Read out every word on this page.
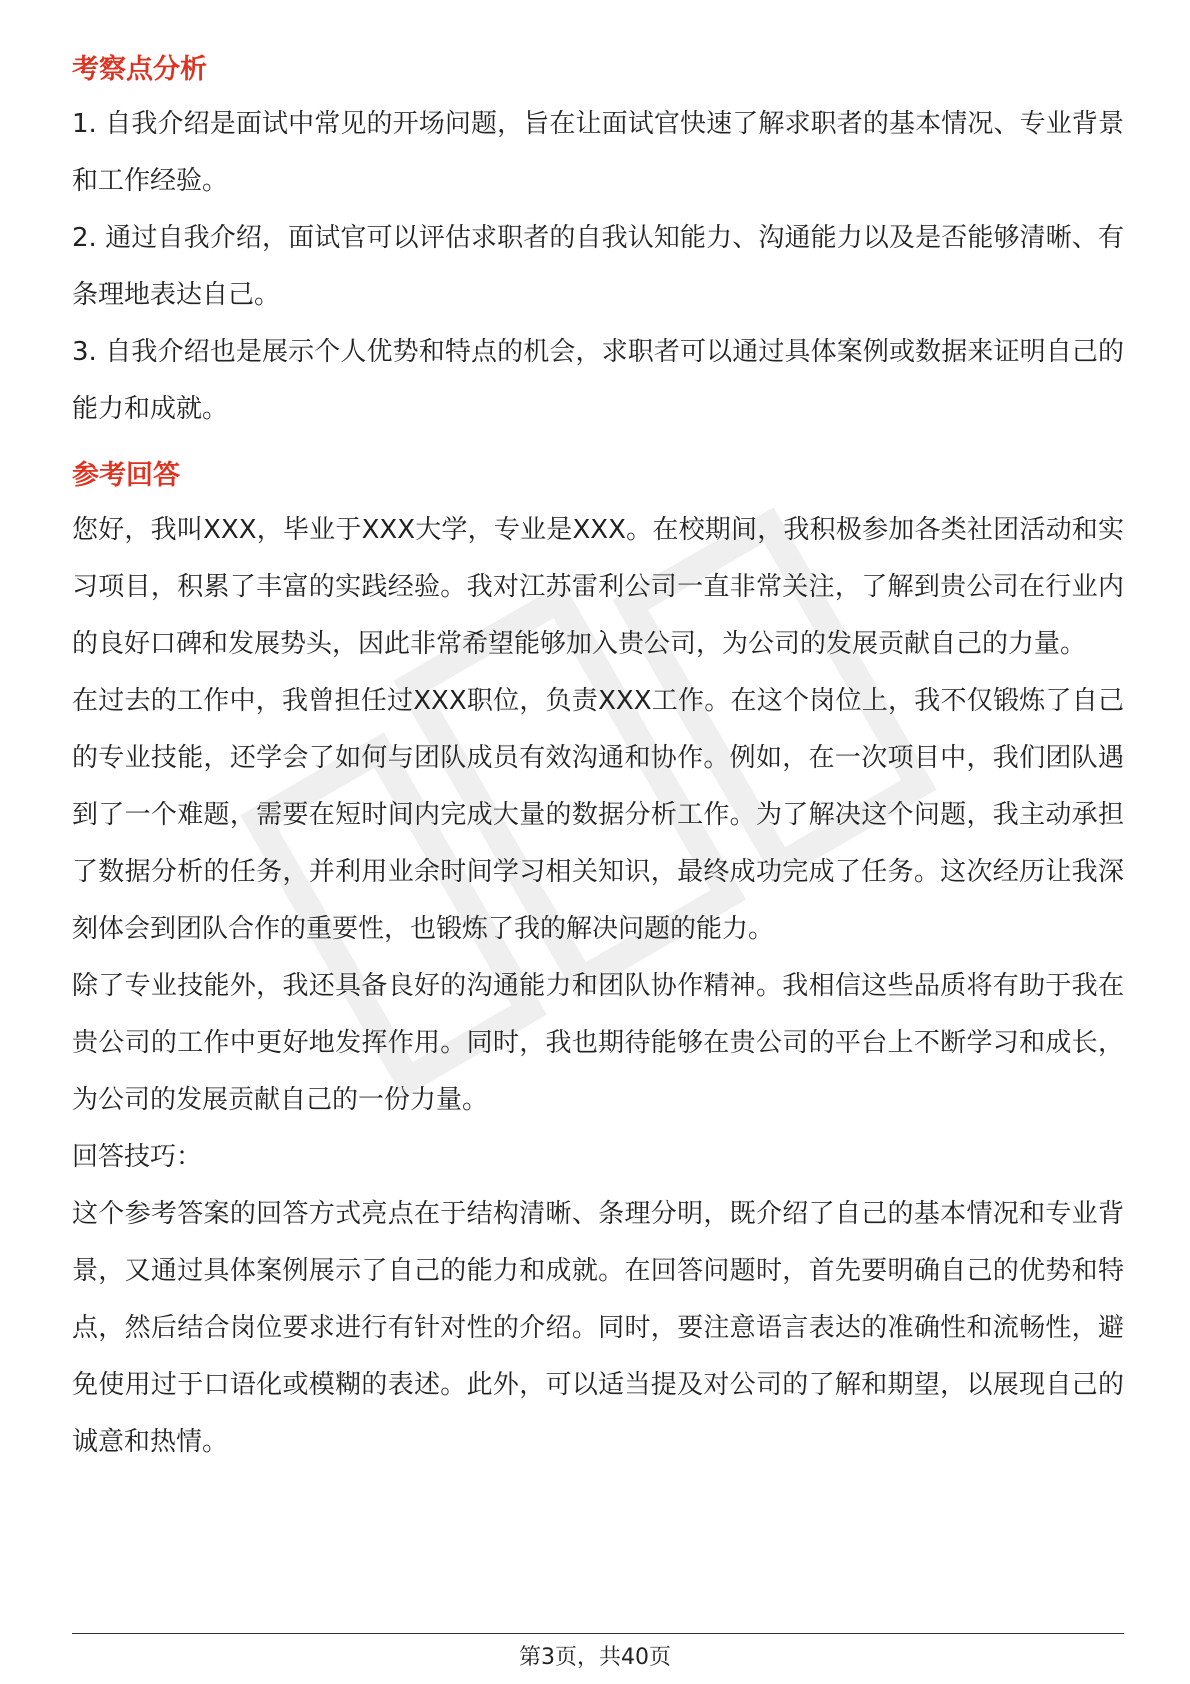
考察点分析

1. 自我介绍是面试中常见的开场问题，旨在让面试官快速了解求职者的基本情况、专业背景和工作经验。

2. 通过自我介绍，面试官可以评估求职者的自我认知能力、沟通能力以及是否能够清晰、有条理地表达自己。

3. 自我介绍也是展示个人优势和特点的机会，求职者可以通过具体案例或数据来证明自己的能力和成就。

参考回答

您好，我叫XXX，毕业于XXX大学，专业是XXX。在校期间，我积极参加各类社团活动和实习项目，积累了丰富的实践经验。我对江苏雷利公司一直非常关注，了解到贵公司在行业内的良好口碑和发展势头，因此非常希望能够加入贵公司，为公司的发展贡献自己的力量。

在过去的工作中，我曾担任过XXX职位，负责XXX工作。在这个岗位上，我不仅锻炼了自己的专业技能，还学会了如何与团队成员有效沟通和协作。例如，在一次项目中，我们团队遇到了一个难题，需要在短时间内完成大量的数据分析工作。为了解决这个问题，我主动承担了数据分析的任务，并利用业余时间学习相关知识，最终成功完成了任务。这次经历让我深刻体会到团队合作的重要性，也锻炼了我的解决问题的能力。

除了专业技能外，我还具备良好的沟通能力和团队协作精神。我相信这些品质将有助于我在贵公司的工作中更好地发挥作用。同时，我也期待能够在贵公司的平台上不断学习和成长，为公司的发展贡献自己的一份力量。

回答技巧：

这个参考答案的回答方式亮点在于结构清晰、条理分明，既介绍了自己的基本情况和专业背景，又通过具体案例展示了自己的能力和成就。在回答问题时，首先要明确自己的优势和特点，然后结合岗位要求进行有针对性的介绍。同时，要注意语言表达的准确性和流畅性，避免使用过于口语化或模糊的表述。此外，可以适当提及对公司的了解和期望，以展现自己的诚意和热情。

第3页，共40页
